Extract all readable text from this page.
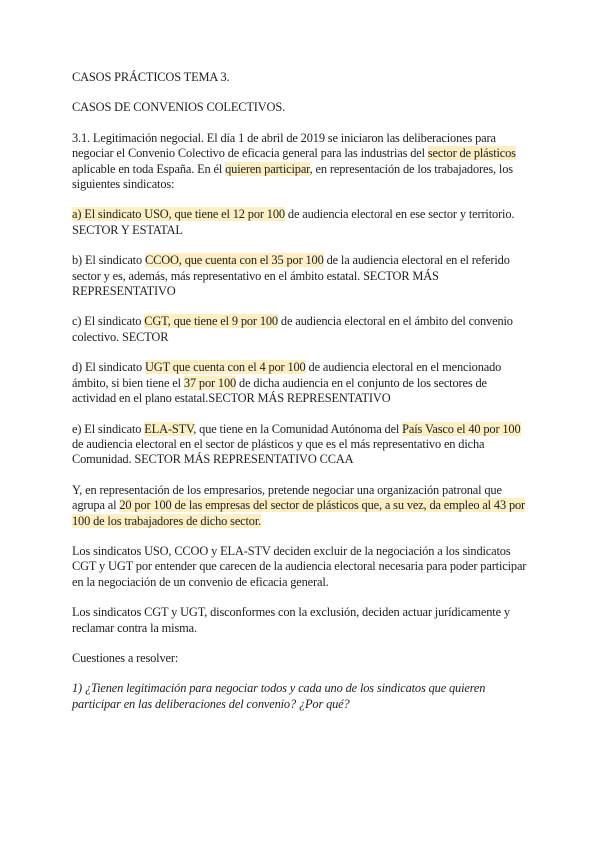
CASOS PRÁCTICOS TEMA 3.

CASOS DE CONVENIOS COLECTIVOS.

3.1. Legitimación negocial. El día 1 de abril de 2019 se iniciaron las deliberaciones para negociar el Convenio Colectivo de eficacia general para las industrias del sector de plásticos aplicable en toda España. En él quieren participar, en representación de los trabajadores, los siguientes sindicatos:

a) El sindicato USO, que tiene el 12 por 100 de audiencia electoral en ese sector y territorio. SECTOR Y ESTATAL

b) El sindicato CCOO, que cuenta con el 35 por 100 de la audiencia electoral en el referido sector y es, además, más representativo en el ámbito estatal. SECTOR MÁS REPRESENTATIVO

c) El sindicato CGT, que tiene el 9 por 100 de audiencia electoral en el ámbito del convenio colectivo. SECTOR

d) El sindicato UGT que cuenta con el 4 por 100 de audiencia electoral en el mencionado ámbito, si bien tiene el 37 por 100 de dicha audiencia en el conjunto de los sectores de actividad en el plano estatal.SECTOR MÁS REPRESENTATIVO

e) El sindicato ELA-STV, que tiene en la Comunidad Autónoma del País Vasco el 40 por 100 de audiencia electoral en el sector de plásticos y que es el más representativo en dicha Comunidad. SECTOR MÁS REPRESENTATIVO CCAA

Y, en representación de los empresarios, pretende negociar una organización patronal que agrupa al 20 por 100 de las empresas del sector de plásticos que, a su vez, da empleo al 43 por 100 de los trabajadores de dicho sector.

Los sindicatos USO, CCOO y ELA-STV deciden excluir de la negociación a los sindicatos CGT y UGT por entender que carecen de la audiencia electoral necesaria para poder participar en la negociación de un convenio de eficacia general.

Los sindicatos CGT y UGT, disconformes con la exclusión, deciden actuar jurídicamente y reclamar contra la misma.

Cuestiones a resolver:

1) ¿Tienen legitimación para negociar todos y cada uno de los sindicatos que quieren participar en las deliberaciones del convenio? ¿Por qué?
